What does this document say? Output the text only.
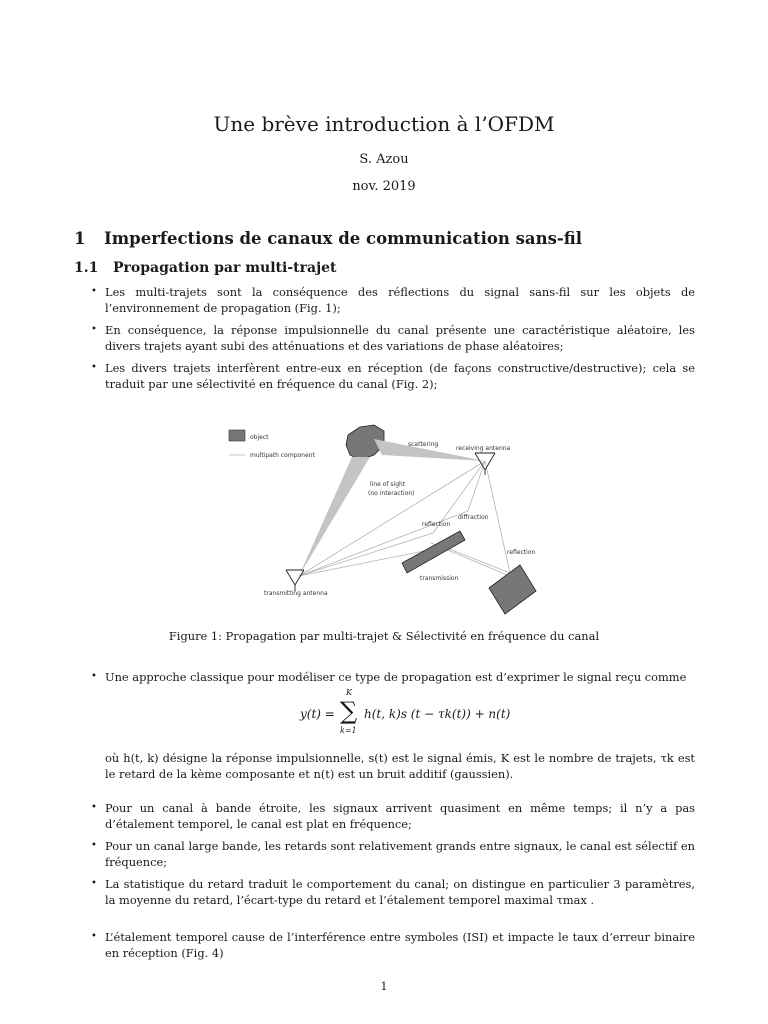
Une brève introduction à l’OFDM
S. Azou
nov. 2019
1 Imperfections de canaux de communication sans-fil
1.1 Propagation par multi-trajet
• Les multi-trajets sont la conséquence des réflections du signal sans-fil sur les objets de l’environnement de propagation (Fig. 1);
• En conséquence, la réponse impulsionnelle du canal présente une caractéristique aléatoire, les divers trajets ayant subi des atténuations et des variations de phase aléatoires;
• Les divers trajets interfèrent entre-eux en réception (de façons constructive/destructive); cela se traduit par une sélectivité en fréquence du canal (Fig. 2);
object
multipath component
scattering
receiving antenna
line of sight
(no interaction)
diffraction
reflection
reflection
transmission
transmitting antenna
Figure 1: Propagation par multi-trajet & Sélectivité en fréquence du canal
• Une approche classique pour modéliser ce type de propagation est d’exprimer le signal reçu comme
y(t) =
K
∑
k=1
h(t, k)s (t − τk(t)) + n(t)
où h(t, k) désigne la réponse impulsionnelle, s(t) est le signal émis, K est le nombre de trajets, τk est le retard de la kème composante et n(t) est un bruit additif (gaussien).
• Pour un canal à bande étroite, les signaux arrivent quasiment en même temps; il n’y a pas d’étalement temporel, le canal est plat en fréquence;
• Pour un canal large bande, les retards sont relativement grands entre signaux, le canal est sélectif en fréquence;
• La statistique du retard traduit le comportement du canal; on distingue en particulier 3 paramètres, la moyenne du retard, l’écart-type du retard et l’étalement temporel maximal τmax .
• L’étalement temporel cause de l’interférence entre symboles (ISI) et impacte le taux d’erreur binaire en réception (Fig. 4)
1
